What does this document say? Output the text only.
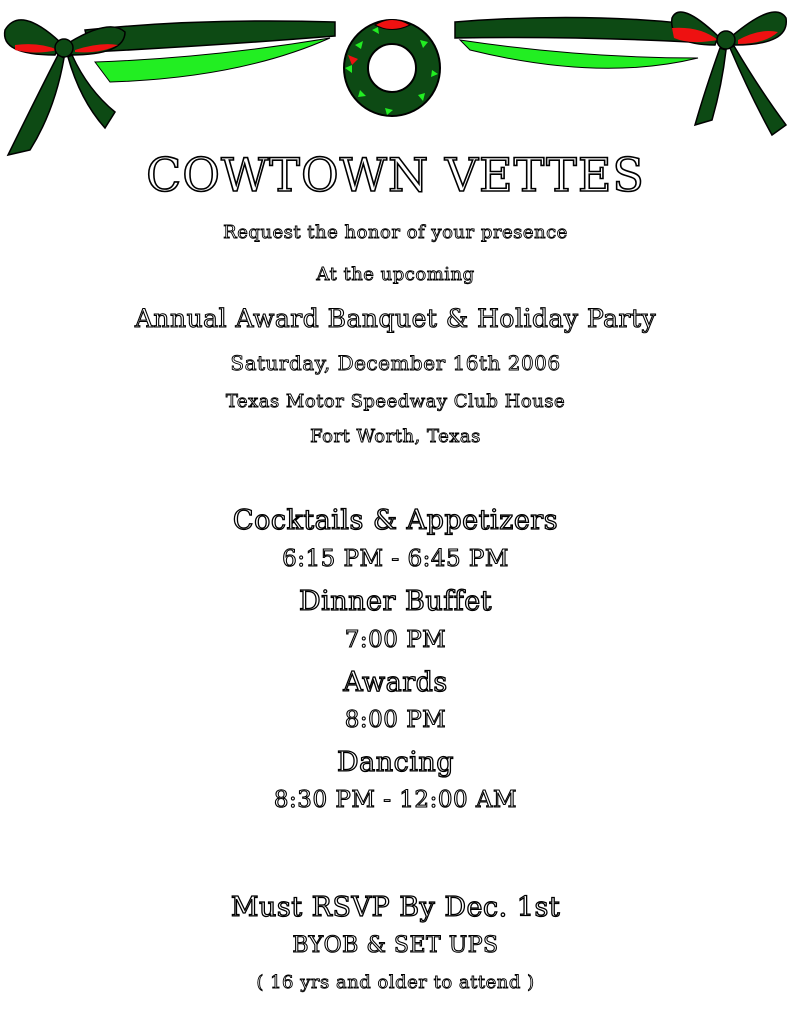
COWTOWN VETTES
Request the honor of your presence
At the upcoming
Annual Award Banquet & Holiday Party
Saturday, December 16th 2006
Texas Motor Speedway Club House
Fort Worth, Texas
Cocktails & Appetizers
6:15 PM - 6:45 PM
Dinner Buffet
7:00 PM
Awards
8:00 PM
Dancing
8:30 PM - 12:00 AM
Must RSVP By Dec. 1st
BYOB & SET UPS
( 16 yrs and older to attend )
